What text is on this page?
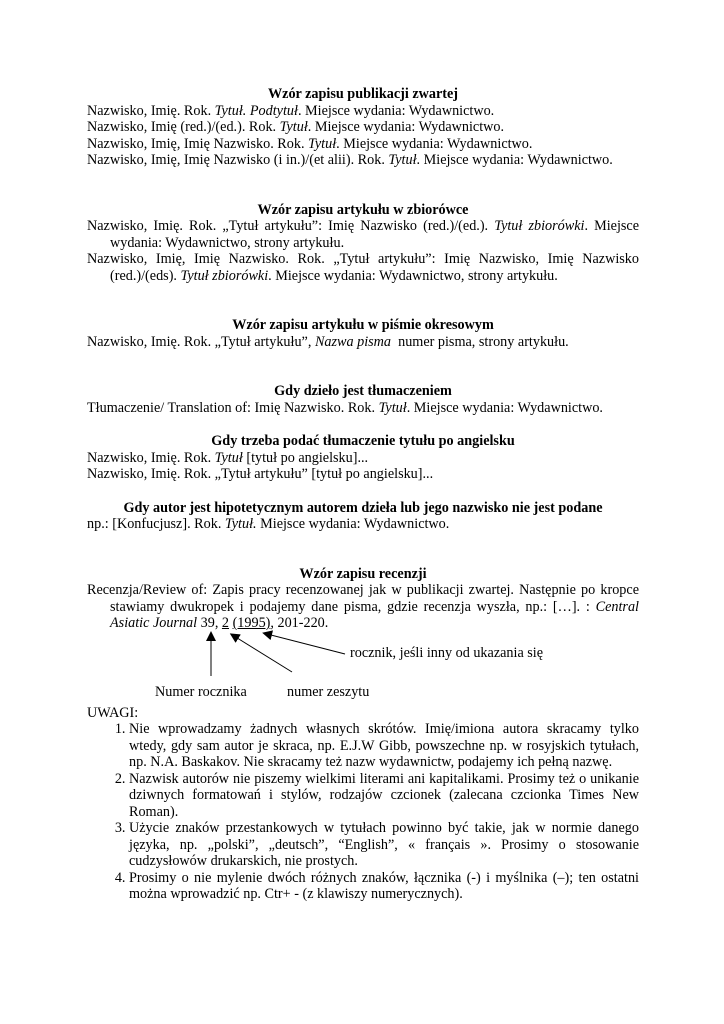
Wzór zapisu publikacji zwartej

Nazwisko, Imię. Rok. Tytuł. Podtytuł. Miejsce wydania: Wydawnictwo.

Nazwisko, Imię (red.)/(ed.). Rok. Tytuł. Miejsce wydania: Wydawnictwo.

Nazwisko, Imię, Imię Nazwisko. Rok. Tytuł. Miejsce wydania: Wydawnictwo.

Nazwisko, Imię, Imię Nazwisko (i in.)/(et alii). Rok. Tytuł. Miejsce wydania: Wydawnictwo.

Wzór zapisu artykułu w zbiorówce

Nazwisko, Imię. Rok. „Tytuł artykułu”: Imię Nazwisko (red.)/(ed.). Tytuł zbiorówki. Miejsce wydania: Wydawnictwo, strony artykułu.

Nazwisko, Imię, Imię Nazwisko. Rok. „Tytuł artykułu”: Imię Nazwisko, Imię Nazwisko (red.)/(eds). Tytuł zbiorówki. Miejsce wydania: Wydawnictwo, strony artykułu.

Wzór zapisu artykułu w piśmie okresowym

Nazwisko, Imię. Rok. „Tytuł artykułu”, Nazwa pisma  numer pisma, strony artykułu.

Gdy dzieło jest tłumaczeniem

Tłumaczenie/ Translation of: Imię Nazwisko. Rok. Tytuł. Miejsce wydania: Wydawnictwo.

Gdy trzeba podać tłumaczenie tytułu po angielsku

Nazwisko, Imię. Rok. Tytuł [tytuł po angielsku]...

Nazwisko, Imię. Rok. „Tytuł artykułu” [tytuł po angielsku]...

Gdy autor jest hipotetycznym autorem dzieła lub jego nazwisko nie jest podane

np.: [Konfucjusz]. Rok. Tytuł. Miejsce wydania: Wydawnictwo.

Wzór zapisu recenzji

Recenzja/Review of: Zapis pracy recenzowanej jak w publikacji zwartej. Następnie po kropce stawiamy dwukropek i podajemy dane pisma, gdzie recenzja wyszła, np.: […]. : Central Asiatic Journal 39, 2 (1995), 201-220.

rocznik, jeśli inny od ukazania się
Numer rocznika	numer zeszytu

UWAGI:

1. Nie wprowadzamy żadnych własnych skrótów. Imię/imiona autora skracamy tylko wtedy, gdy sam autor je skraca, np. E.J.W Gibb, powszechne np. w rosyjskich tytułach, np. N.A. Baskakov. Nie skracamy też nazw wydawnictw, podajemy ich pełną nazwę.
2. Nazwisk autorów nie piszemy wielkimi literami ani kapitalikami. Prosimy też o unikanie dziwnych formatowań i stylów, rodzajów czcionek (zalecana czcionka Times New Roman).
3. Użycie znaków przestankowych w tytułach powinno być takie, jak w normie danego języka, np. „polski”, „deutsch”, “English”, « français ». Prosimy o stosowanie cudzysłowów drukarskich, nie prostych.
4. Prosimy o nie mylenie dwóch różnych znaków, łącznika (-) i myślnika (–); ten ostatni można wprowadzić np. Ctr+ - (z klawiszy numerycznych).
